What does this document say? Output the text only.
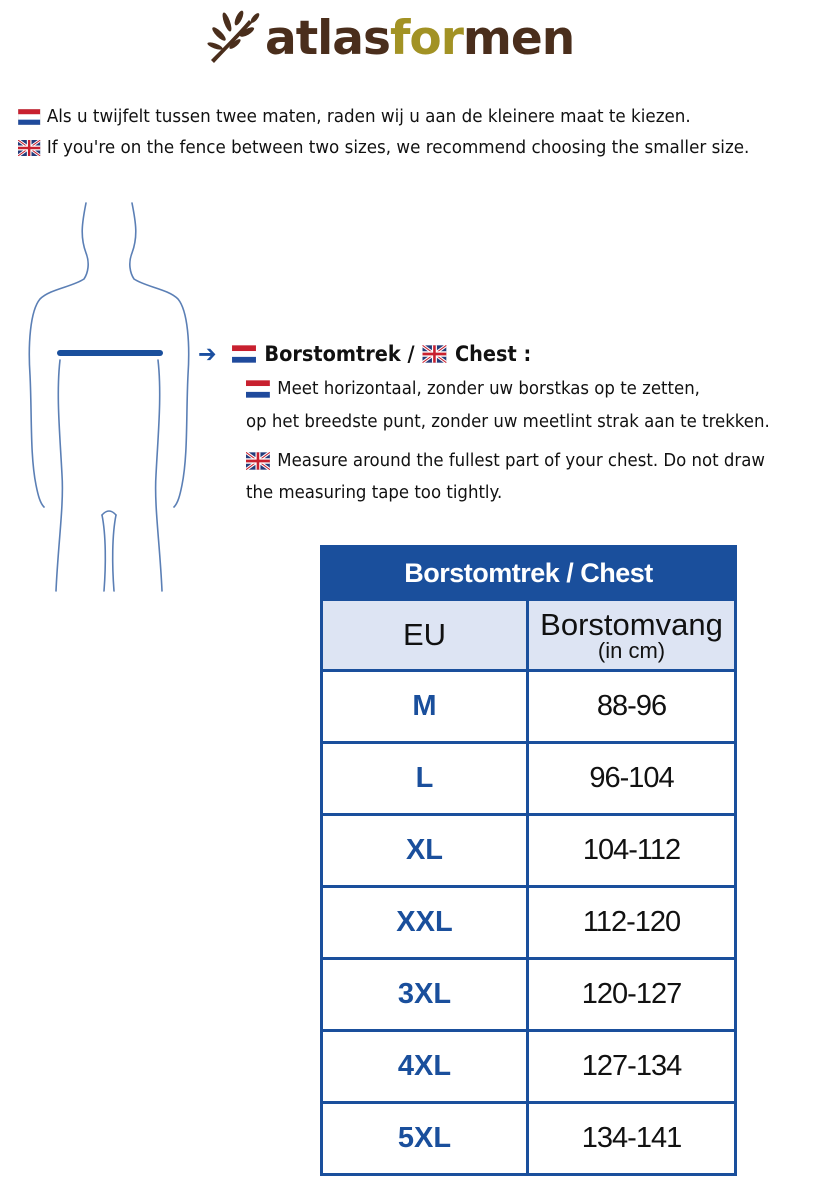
atlas for men
Als u twijfelt tussen twee maten, raden wij u aan de kleinere maat te kiezen.
If you're on the fence between two sizes, we recommend choosing the smaller size.
➔ Borstomtrek / Chest :
Meet horizontaal, zonder uw borstkas op te zetten,
op het breedste punt, zonder uw meetlint strak aan te trekken.
Measure around the fullest part of your chest. Do not draw
the measuring tape too tightly.
Borstomtrek / Chest	
EU	Borstomvang
(in cm)

M	88-96
L	96-104
XL	104-112
XXL	112-120
3XL	120-127
4XL	127-134
5XL	134-141
